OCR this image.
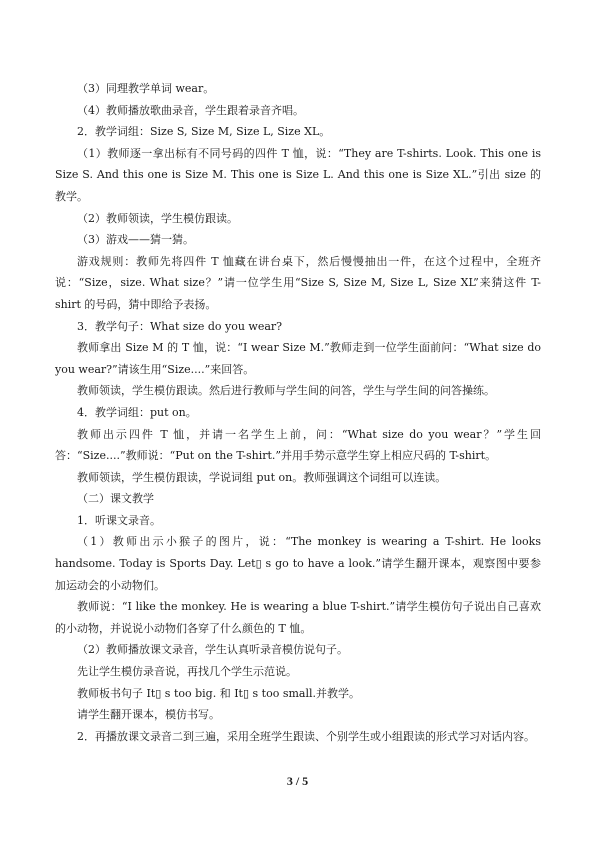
（3）同理教学单词 wear。

（4）教师播放歌曲录音，学生跟着录音齐唱。

2．教学词组：Size S, Size M, Size L, Size XL。

（1）教师逐一拿出标有不同号码的四件 T 恤，说：“They are T-shirts. Look. This one is Size S. And this one is Size M. This one is Size L. And this one is Size XL.”引出 size 的教学。

（2）教师领读，学生模仿跟读。

（3）游戏——猜一猜。

游戏规则：教师先将四件 T 恤藏在讲台桌下，然后慢慢抽出一件，在这个过程中，全班齐说：“Size，size. What size？”请一位学生用“Size S, Size M, Size L, Size XL”来猜这件 T-shirt 的号码，猜中即给予表扬。

3．教学句子：What size do you wear?

教师拿出 Size M 的 T 恤，说：“I wear Size M.”教师走到一位学生面前问：“What size do you wear?”请该生用“Size....”来回答。

教师领读，学生模仿跟读。然后进行教师与学生间的问答，学生与学生间的问答操练。

4．教学词组：put on。

教师出示四件 T 恤，并请一名学生上前，问：“What size do you wear？”学生回答：“Size....”教师说：“Put on the T-shirt.”并用手势示意学生穿上相应尺码的 T-shirt。

教师领读，学生模仿跟读，学说词组 put on。教师强调这个词组可以连读。

（二）课文教学

1．听课文录音。

（1）教师出示小猴子的图片，说：“The monkey is wearing a T-shirt. He looks handsome. Today is Sports Day. Let▯ s go to have a look.”请学生翻开课本，观察图中要参加运动会的小动物们。

教师说：“I like the monkey. He is wearing a blue T-shirt.”请学生模仿句子说出自己喜欢的小动物，并说说小动物们各穿了什么颜色的 T 恤。

（2）教师播放课文录音，学生认真听录音模仿说句子。

先让学生模仿录音说，再找几个学生示范说。

教师板书句子 It▯ s too big. 和 It▯ s too small.并教学。

请学生翻开课本，模仿书写。

2．再播放课文录音二到三遍，采用全班学生跟读、个别学生或小组跟读的形式学习对话内容。

3 / 5
